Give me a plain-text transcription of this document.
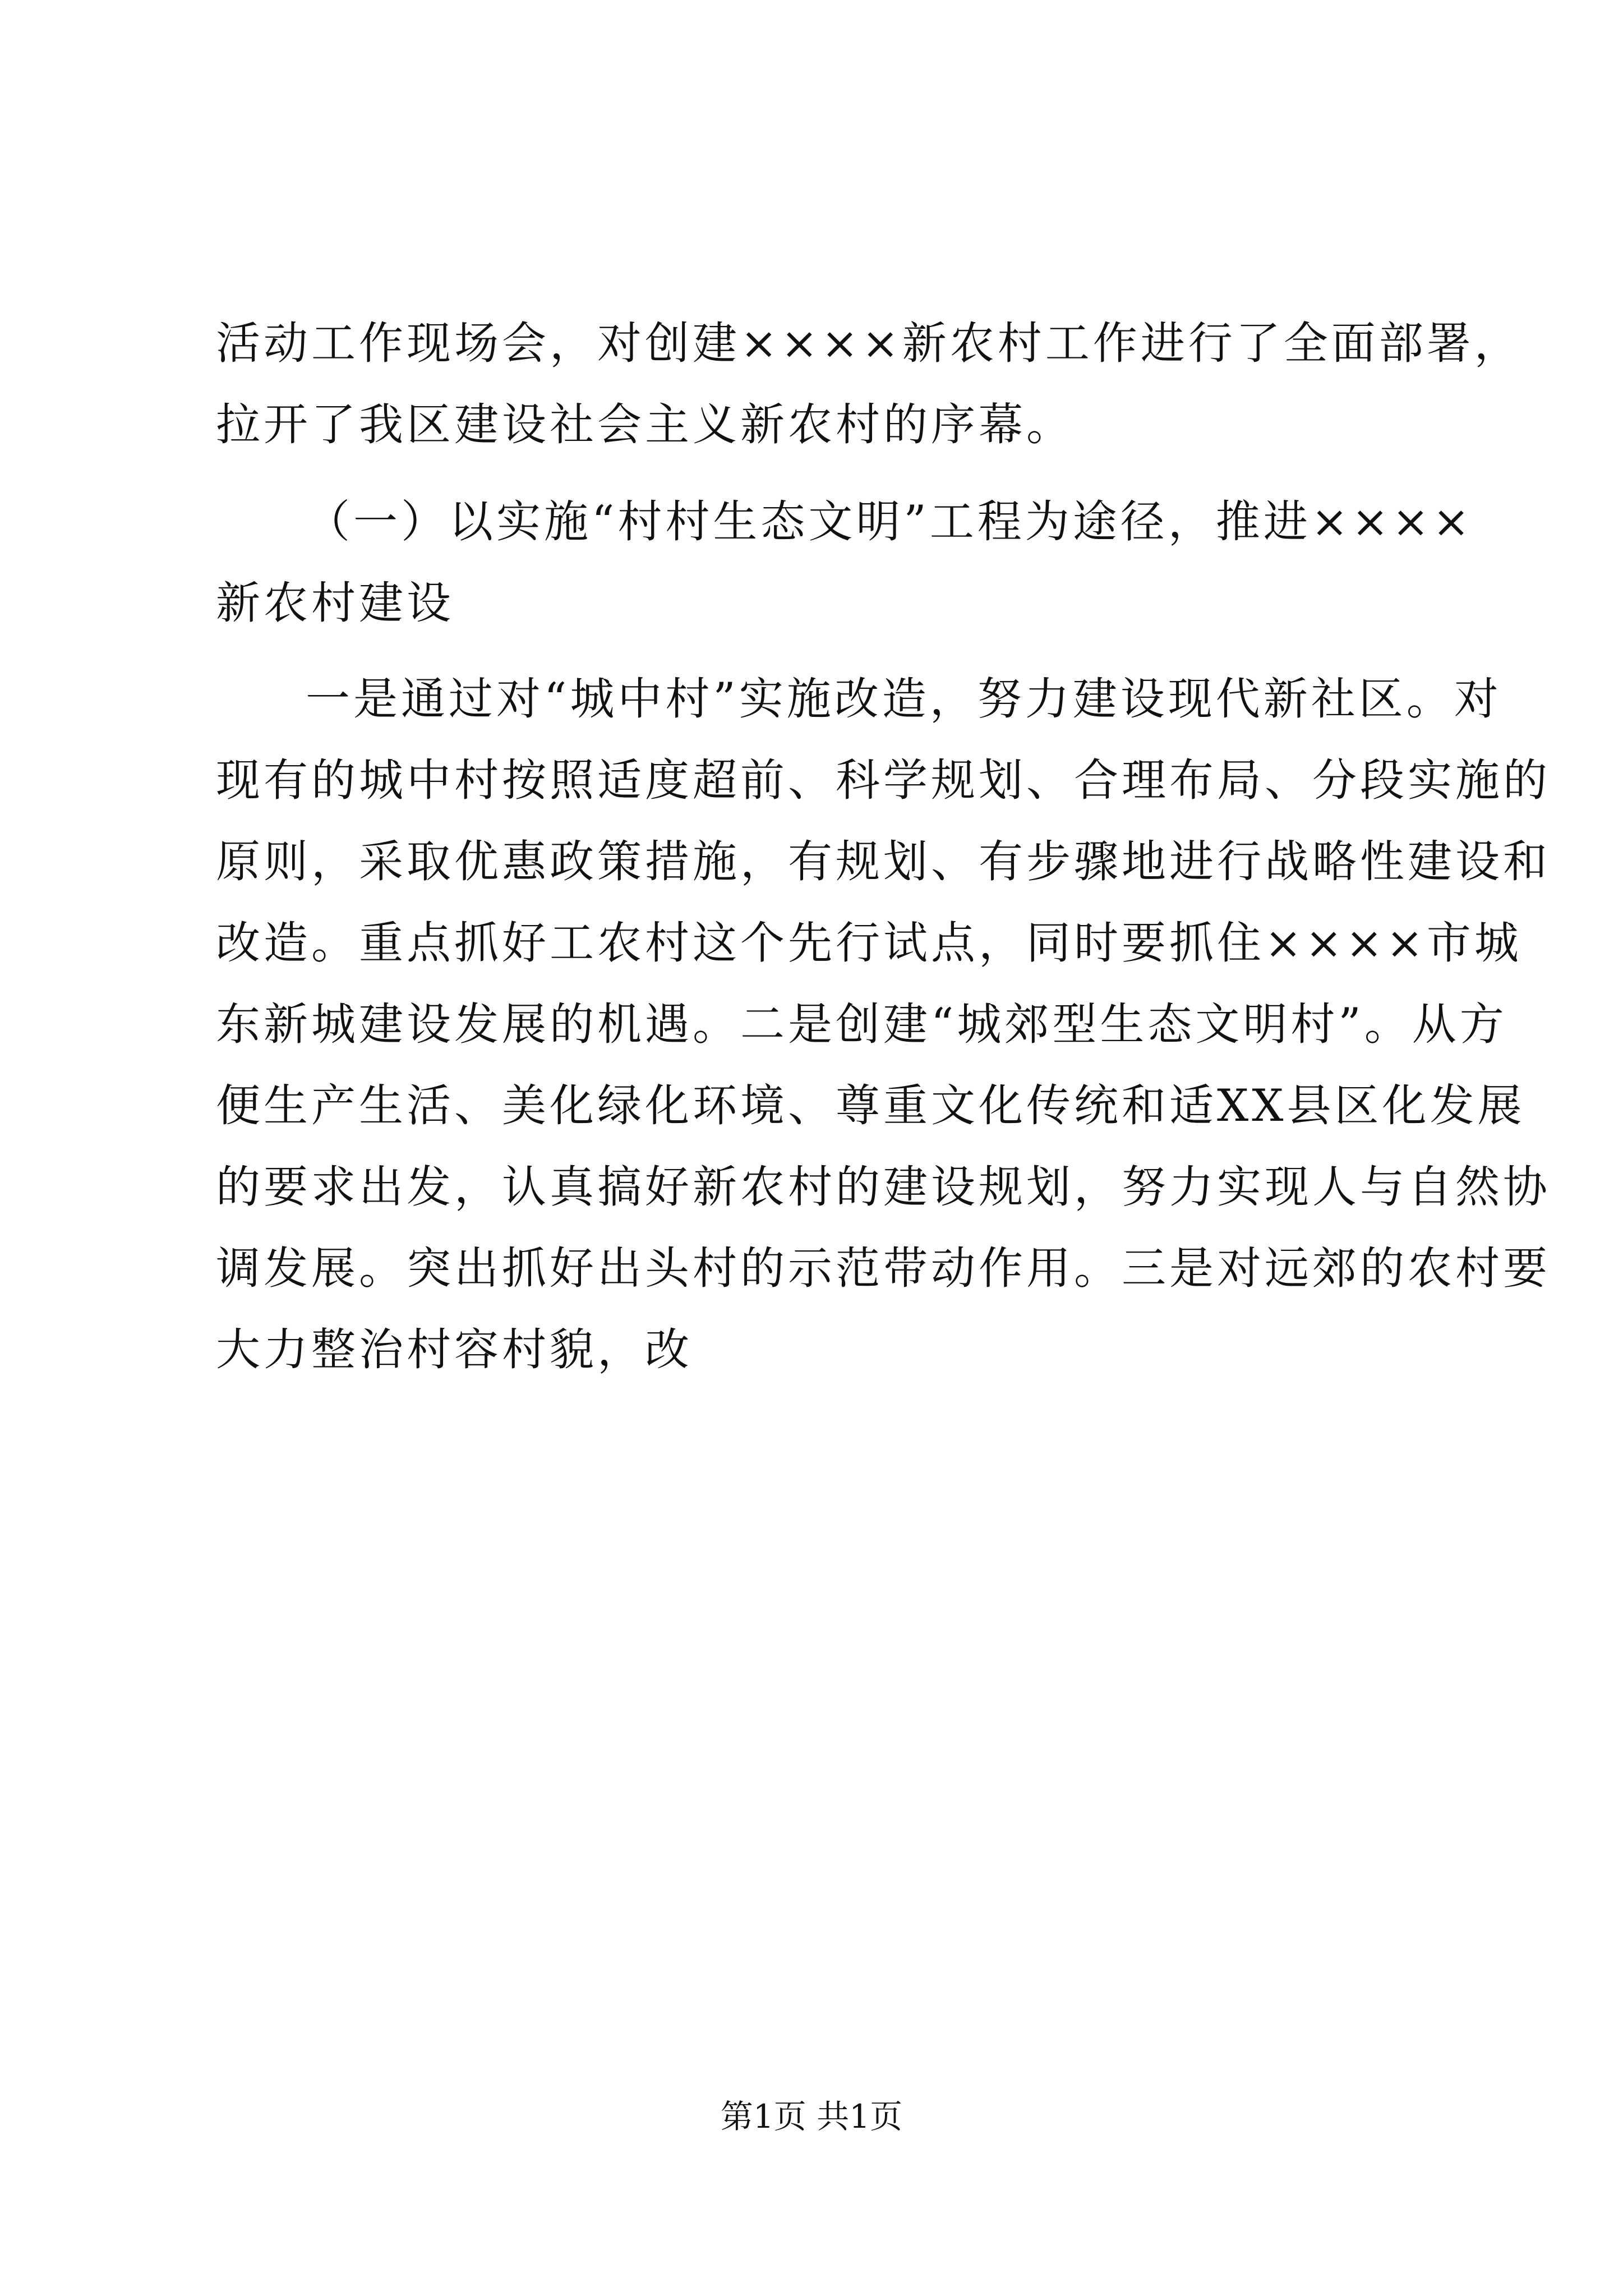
活动工作现场会，对创建××××新农村工作进行了全面部署，

拉开了我区建设社会主义新农村的序幕。

（一）以实施“村村生态文明”工程为途径，推进××××

新农村建设

一是通过对“城中村”实施改造，努力建设现代新社区。对

现有的城中村按照适度超前、科学规划、合理布局、分段实施的

原则，采取优惠政策措施，有规划、有步骤地进行战略性建设和

改造。重点抓好工农村这个先行试点，同时要抓住××××市城

东新城建设发展的机遇。二是创建“城郊型生态文明村”。从方

便生产生活、美化绿化环境、尊重文化传统和适XX县区化发展

的要求出发，认真搞好新农村的建设规划，努力实现人与自然协

调发展。突出抓好出头村的示范带动作用。三是对远郊的农村要

大力整治村容村貌，改

第1页 共1页
